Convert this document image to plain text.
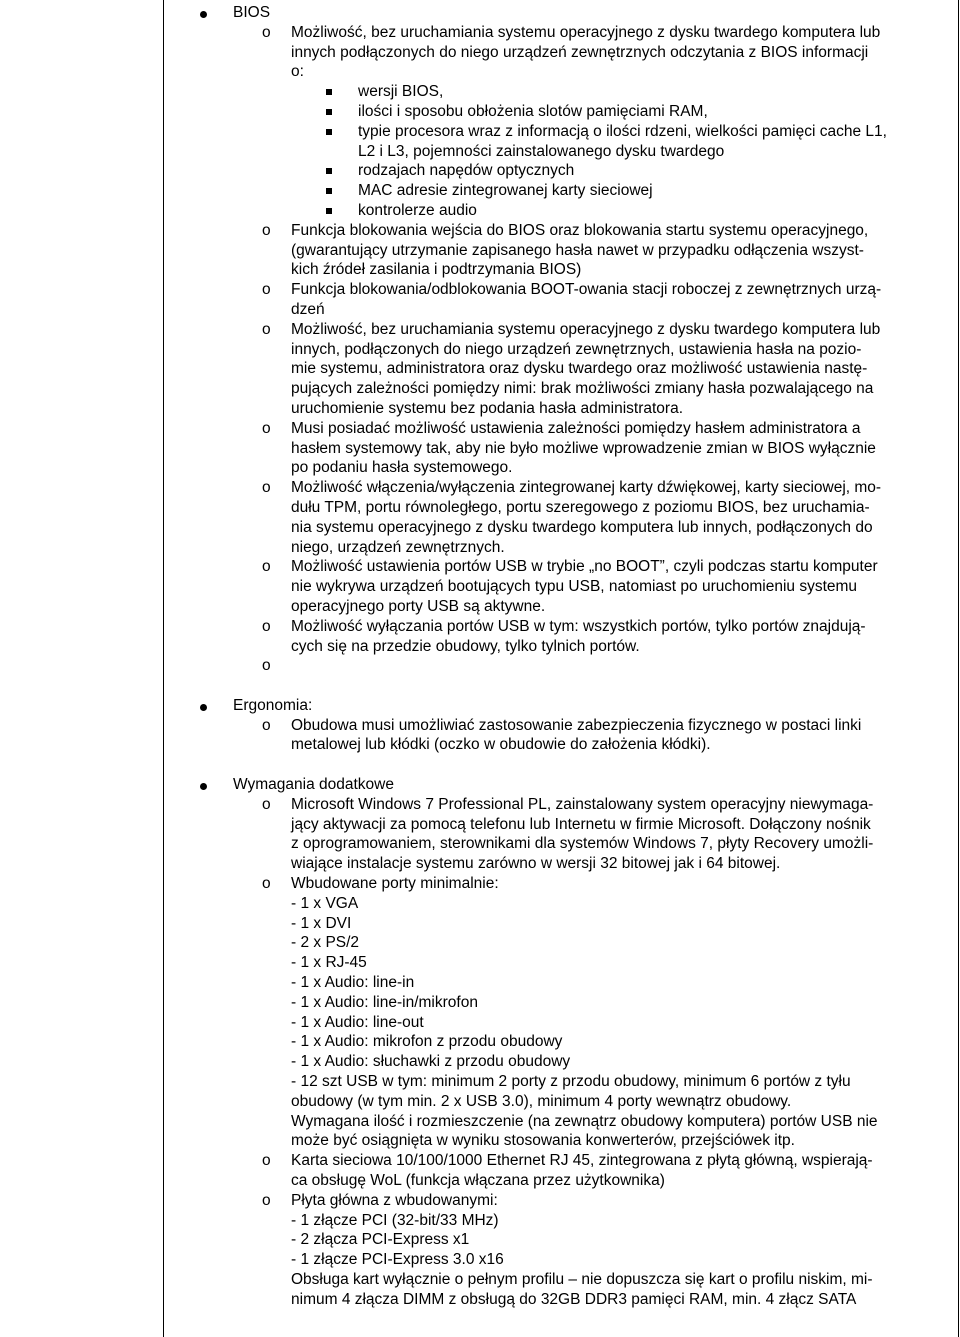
BIOS
o Możliwość, bez uruchamiania systemu operacyjnego z dysku twardego komputera lub
innych podłączonych do niego urządzeń zewnętrznych odczytania z BIOS informacji
o:
wersji BIOS,
ilości i sposobu obłożenia slotów pamięciami RAM,
typie procesora wraz z informacją o ilości rdzeni, wielkości pamięci cache L1,
L2 i L3, pojemności zainstalowanego dysku twardego
rodzajach napędów optycznych
MAC adresie zintegrowanej karty sieciowej
kontrolerze audio
o Funkcja blokowania wejścia do BIOS oraz blokowania startu systemu operacyjnego,
(gwarantujący utrzymanie zapisanego hasła nawet w przypadku odłączenia wszyst-
kich źródeł zasilania i podtrzymania BIOS)
o Funkcja blokowania/odblokowania BOOT-owania stacji roboczej z zewnętrznych urzą-
dzeń
o Możliwość, bez uruchamiania systemu operacyjnego z dysku twardego komputera lub
innych, podłączonych do niego urządzeń zewnętrznych, ustawienia hasła na pozio-
mie systemu, administratora oraz dysku twardego oraz możliwość ustawienia nastę-
pujących zależności pomiędzy nimi: brak możliwości zmiany hasła pozwalającego na
uruchomienie systemu bez podania hasła administratora.
o Musi posiadać możliwość ustawienia zależności pomiędzy hasłem administratora a
hasłem systemowy tak, aby nie było możliwe wprowadzenie zmian w BIOS wyłącznie
po podaniu hasła systemowego.
o Możliwość włączenia/wyłączenia zintegrowanej karty dźwiękowej, karty sieciowej, mo-
dułu TPM, portu równoległego, portu szeregowego z poziomu BIOS, bez uruchamia-
nia systemu operacyjnego z dysku twardego komputera lub innych, podłączonych do
niego, urządzeń zewnętrznych.
o Możliwość ustawienia portów USB w trybie „no BOOT”, czyli podczas startu komputer
nie wykrywa urządzeń bootujących typu USB, natomiast po uruchomieniu systemu
operacyjnego porty USB są aktywne.
o Możliwość wyłączania portów USB w tym: wszystkich portów, tylko portów znajdują-
cych się na przedzie obudowy, tylko tylnich portów.
o
Ergonomia:
o Obudowa musi umożliwiać zastosowanie zabezpieczenia fizycznego w postaci linki
metalowej lub kłódki (oczko w obudowie do założenia kłódki).
Wymagania dodatkowe
o Microsoft Windows 7 Professional PL, zainstalowany system operacyjny niewymaga-
jący aktywacji za pomocą telefonu lub Internetu w firmie Microsoft. Dołączony nośnik
z oprogramowaniem, sterownikami dla systemów Windows 7, płyty Recovery umożli-
wiające instalacje systemu zarówno w wersji 32 bitowej jak i 64 bitowej.
o Wbudowane porty minimalnie:
- 1 x VGA
- 1 x DVI
- 2 x PS/2
- 1 x RJ-45
- 1 x Audio: line-in
- 1 x Audio: line-in/mikrofon
- 1 x Audio: line-out
- 1 x Audio: mikrofon z przodu obudowy
- 1 x Audio: słuchawki z przodu obudowy
- 12 szt USB w tym: minimum 2 porty z przodu obudowy, minimum 6 portów z tyłu
obudowy (w tym min. 2 x USB 3.0), minimum 4 porty wewnątrz obudowy.
Wymagana ilość i rozmieszczenie (na zewnątrz obudowy komputera) portów USB nie
może być osiągnięta w wyniku stosowania konwerterów, przejściówek itp.
o Karta sieciowa 10/100/1000 Ethernet RJ 45, zintegrowana z płytą główną, wspierają-
ca obsługę WoL (funkcja włączana przez użytkownika)
o Płyta główna z wbudowanymi:
- 1 złącze PCI (32-bit/33 MHz)
- 2 złącza PCI-Express x1
- 1 złącze PCI-Express 3.0 x16
Obsługa kart wyłącznie o pełnym profilu – nie dopuszcza się kart o profilu niskim, mi-
nimum 4 złącza DIMM z obsługą do 32GB DDR3 pamięci RAM, min. 4 złącz SATA
